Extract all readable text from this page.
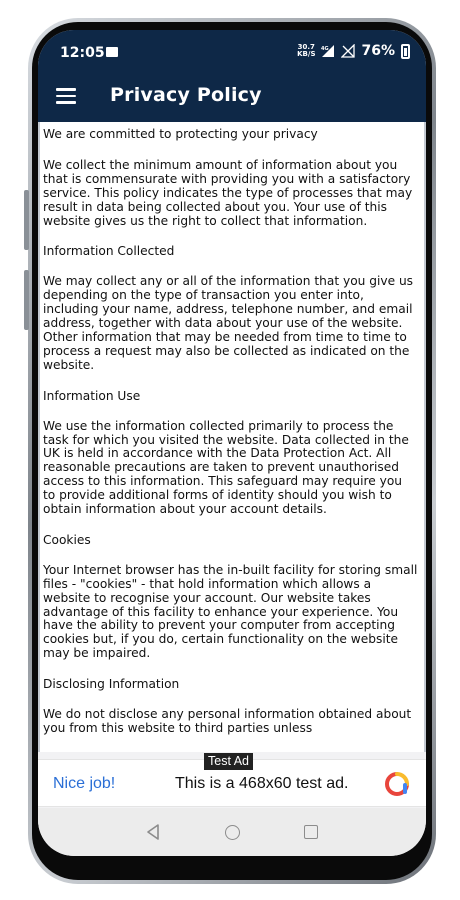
12:05	30.7
KB/S
4G 76%
Privacy Policy

We are committed to protecting your privacy

We collect the minimum amount of information about you that is commensurate with providing you with a satisfactory service. This policy indicates the type of processes that may result in data being collected about you. Your use of this website gives us the right to collect that information.

Information Collected

We may collect any or all of the information that you give us depending on the type of transaction you enter into, including your name, address, telephone number, and email address, together with data about your use of the website. Other information that may be needed from time to time to process a request may also be collected as indicated on the website.

Information Use

We use the information collected primarily to process the task for which you visited the website. Data collected in the UK is held in accordance with the Data Protection Act. All reasonable precautions are taken to prevent unauthorised access to this information. This safeguard may require you to provide additional forms of identity should you wish to obtain information about your account details.

Cookies

Your Internet browser has the in-built facility for storing small files - "cookies" - that hold information which allows a website to recognise your account. Our website takes advantage of this facility to enhance your experience. You have the ability to prevent your computer from accepting cookies but, if you do, certain functionality on the website may be impaired.

Disclosing Information

We do not disclose any personal information obtained about you from this website to third parties unless

Nice job!	This is a 468x60 test ad.
Test Ad
